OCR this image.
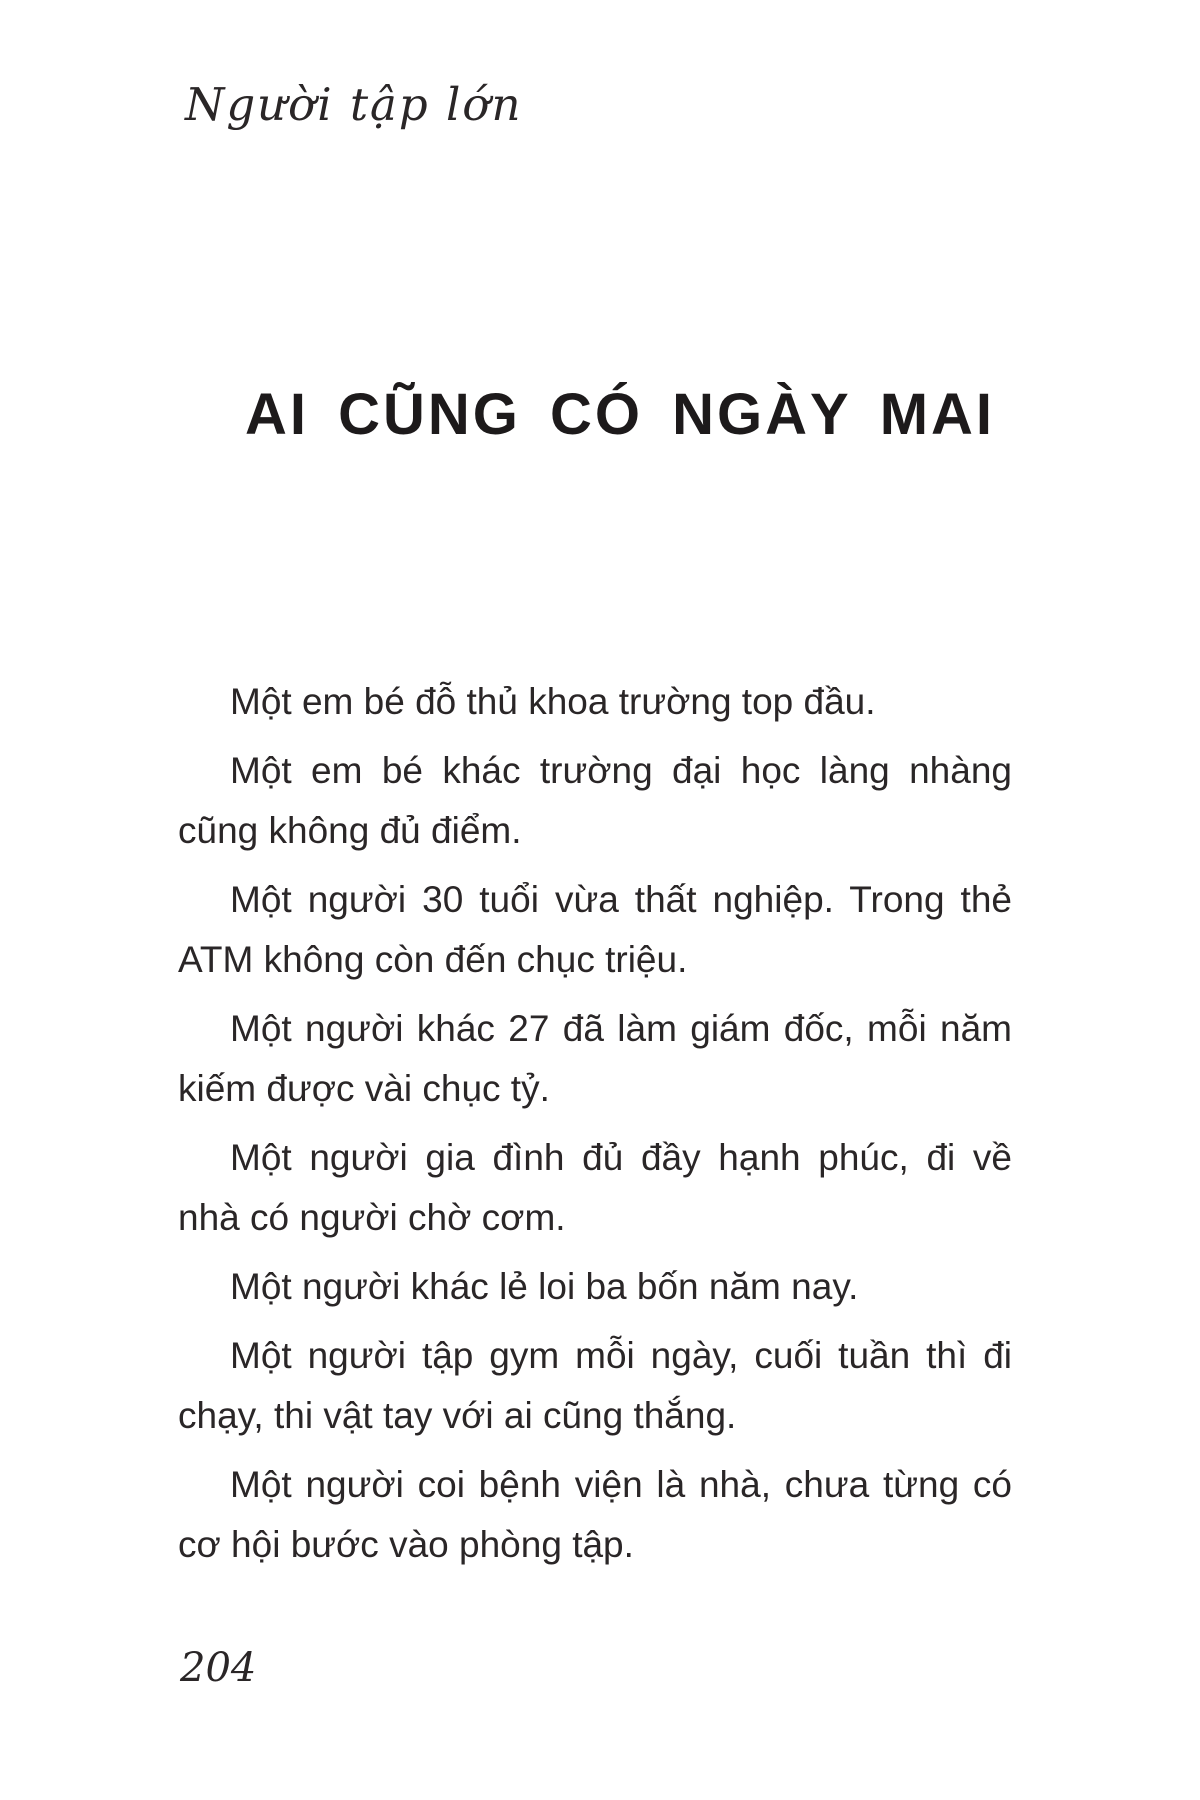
Người tập lớn
AI CŨNG CÓ NGÀY MAI

Một em bé đỗ thủ khoa trường top đầu.

Một em bé khác trường đại học làng nhàng cũng không đủ điểm.

Một người 30 tuổi vừa thất nghiệp. Trong thẻ ATM không còn đến chục triệu.

Một người khác 27 đã làm giám đốc, mỗi năm kiếm được vài chục tỷ.

Một người gia đình đủ đầy hạnh phúc, đi về nhà có người chờ cơm.

Một người khác lẻ loi ba bốn năm nay.

Một người tập gym mỗi ngày, cuối tuần thì đi chạy, thi vật tay với ai cũng thắng.

Một người coi bệnh viện là nhà, chưa từng có cơ hội bước vào phòng tập.

204
